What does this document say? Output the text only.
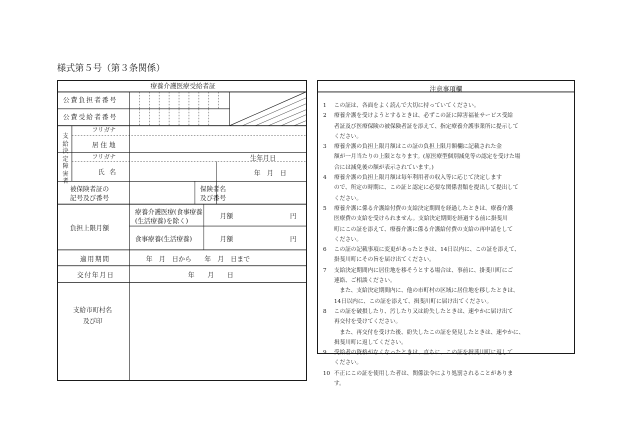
様式第５号（第３条関係）
療養介護医療受給者証
公費負担者番号
公費受給者番号
支給決定障害者
フリガナ
居住地
フリガナ
氏名
生年月日
年　月　日
被保険者証の
記号及び番号
保険者名
及び番号
負担上限月額
療養介護医療(食事療養
(生活療養)を除く)
月額	円
食事療養(生活療養)	月額	円
適用期間	年　月　日から　　年　月　日まで
交付年月日	年　　月　　日
支給市町村名
及び印
注意事項欄
1	この証は、各面をよく読んで大切に持っていてください。
2	療養介護を受けようとするときは、必ずこの証に障害福祉サービス受給
者証及び医療保険の被保険者証を添えて、指定療養介護事業所に提示して
ください。
3	療養介護の負担上限月額はこの証の負担上限月額欄に記載された金
額が一月当たりの上限となります。(原医療型個別減免等の認定を受けた場
合には減免後の額が表示されています。)
4	療養介護の負担上限月額は毎年利用者の収入等に応じて決定します
ので、所定の時期に、この証と認定に必要な関係書類を提出して提出して
ください。
5	療養介護に係る介護給付費の支給決定期間を経過したときは、療養介護
医療費の支給を受けられません。支給決定期間を経過する前に掛斐川
町にこの証を添えて、療養介護に係る介護給付費の支給の再申請をして
ください。
6	この証の記載事項に変更があったときは、14日以内に、この証を添えて、
掛斐川町にその旨を届け出てください。
7	支給決定期間内に居住地を移そうとする場合は、事前に、掛斐川町にご
連絡、ご相談ください。
　また、支給決定期間内に、他の市町村の区域に居住地を移したときは、
14日以内に、この証を添えて、揖斐川町に届け出てください。
8	この証を破損したり、汚したり又は紛失したときは、速やかに届け出て
再交付を受けてください。
　また、再交付を受けた後、紛失したこの証を発見したときは、速やかに、
揖斐川町に返してください。
9	受給者の資格がなくなったときは、直ちに、この証を揖斐川町に返して
ください。
10 不正にこの証を使用した者は、関係法令により処罰されることがありま
す。
